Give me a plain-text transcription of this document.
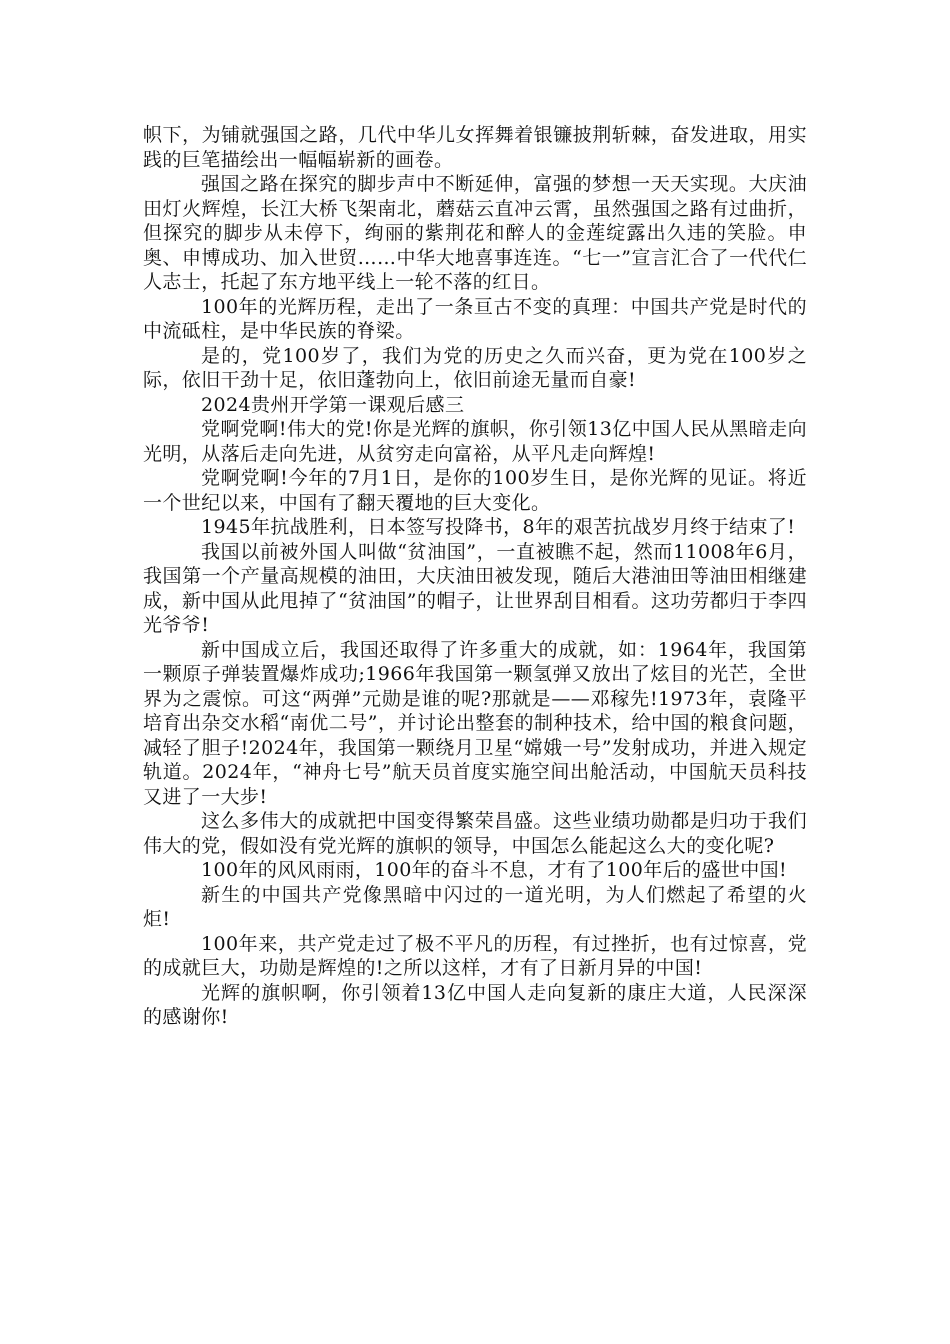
帜下，为铺就强国之路，几代中华儿女挥舞着银镰披荆斩棘，奋发进取，用实践的巨笔描绘出一幅幅崭新的画卷。

强国之路在探究的脚步声中不断延伸，富强的梦想一天天实现。大庆油田灯火辉煌，长江大桥飞架南北，蘑菇云直冲云霄，虽然强国之路有过曲折，但探究的脚步从未停下，绚丽的紫荆花和醉人的金莲绽露出久违的笑脸。申奥、申博成功、加入世贸……中华大地喜事连连。“七一”宣言汇合了一代代仁人志士，托起了东方地平线上一轮不落的红日。

100年的光辉历程，走出了一条亘古不变的真理：中国共产党是时代的中流砥柱，是中华民族的脊梁。

是的，党100岁了，我们为党的历史之久而兴奋，更为党在100岁之际，依旧干劲十足，依旧蓬勃向上，依旧前途无量而自豪!

2024贵州开学第一课观后感三

党啊党啊!伟大的党!你是光辉的旗帜，你引领13亿中国人民从黑暗走向光明，从落后走向先进，从贫穷走向富裕，从平凡走向辉煌!

党啊党啊!今年的7月1日，是你的100岁生日，是你光辉的见证。将近一个世纪以来，中国有了翻天覆地的巨大变化。

1945年抗战胜利，日本签写投降书，8年的艰苦抗战岁月终于结束了!

我国以前被外国人叫做“贫油国”，一直被瞧不起，然而11008年6月，我国第一个产量高规模的油田，大庆油田被发现，随后大港油田等油田相继建成，新中国从此甩掉了“贫油国”的帽子，让世界刮目相看。这功劳都归于李四光爷爷!

新中国成立后，我国还取得了许多重大的成就，如：1964年，我国第一颗原子弹装置爆炸成功;1966年我国第一颗氢弹又放出了炫目的光芒，全世界为之震惊。可这“两弹”元勋是谁的呢?那就是——邓稼先!1973年，袁隆平培育出杂交水稻“南优二号”，并讨论出整套的制种技术，给中国的粮食问题，减轻了胆子!2024年，我国第一颗绕月卫星“嫦娥一号”发射成功，并进入规定轨道。2024年，“神舟七号”航天员首度实施空间出舱活动，中国航天员科技又进了一大步!

这么多伟大的成就把中国变得繁荣昌盛。这些业绩功勋都是归功于我们伟大的党，假如没有党光辉的旗帜的领导，中国怎么能起这么大的变化呢?

100年的风风雨雨，100年的奋斗不息，才有了100年后的盛世中国!

新生的中国共产党像黑暗中闪过的一道光明，为人们燃起了希望的火炬!

100年来，共产党走过了极不平凡的历程，有过挫折，也有过惊喜，党的成就巨大，功勋是辉煌的!之所以这样，才有了日新月异的中国!

光辉的旗帜啊，你引领着13亿中国人走向复新的康庄大道，人民深深的感谢你!
